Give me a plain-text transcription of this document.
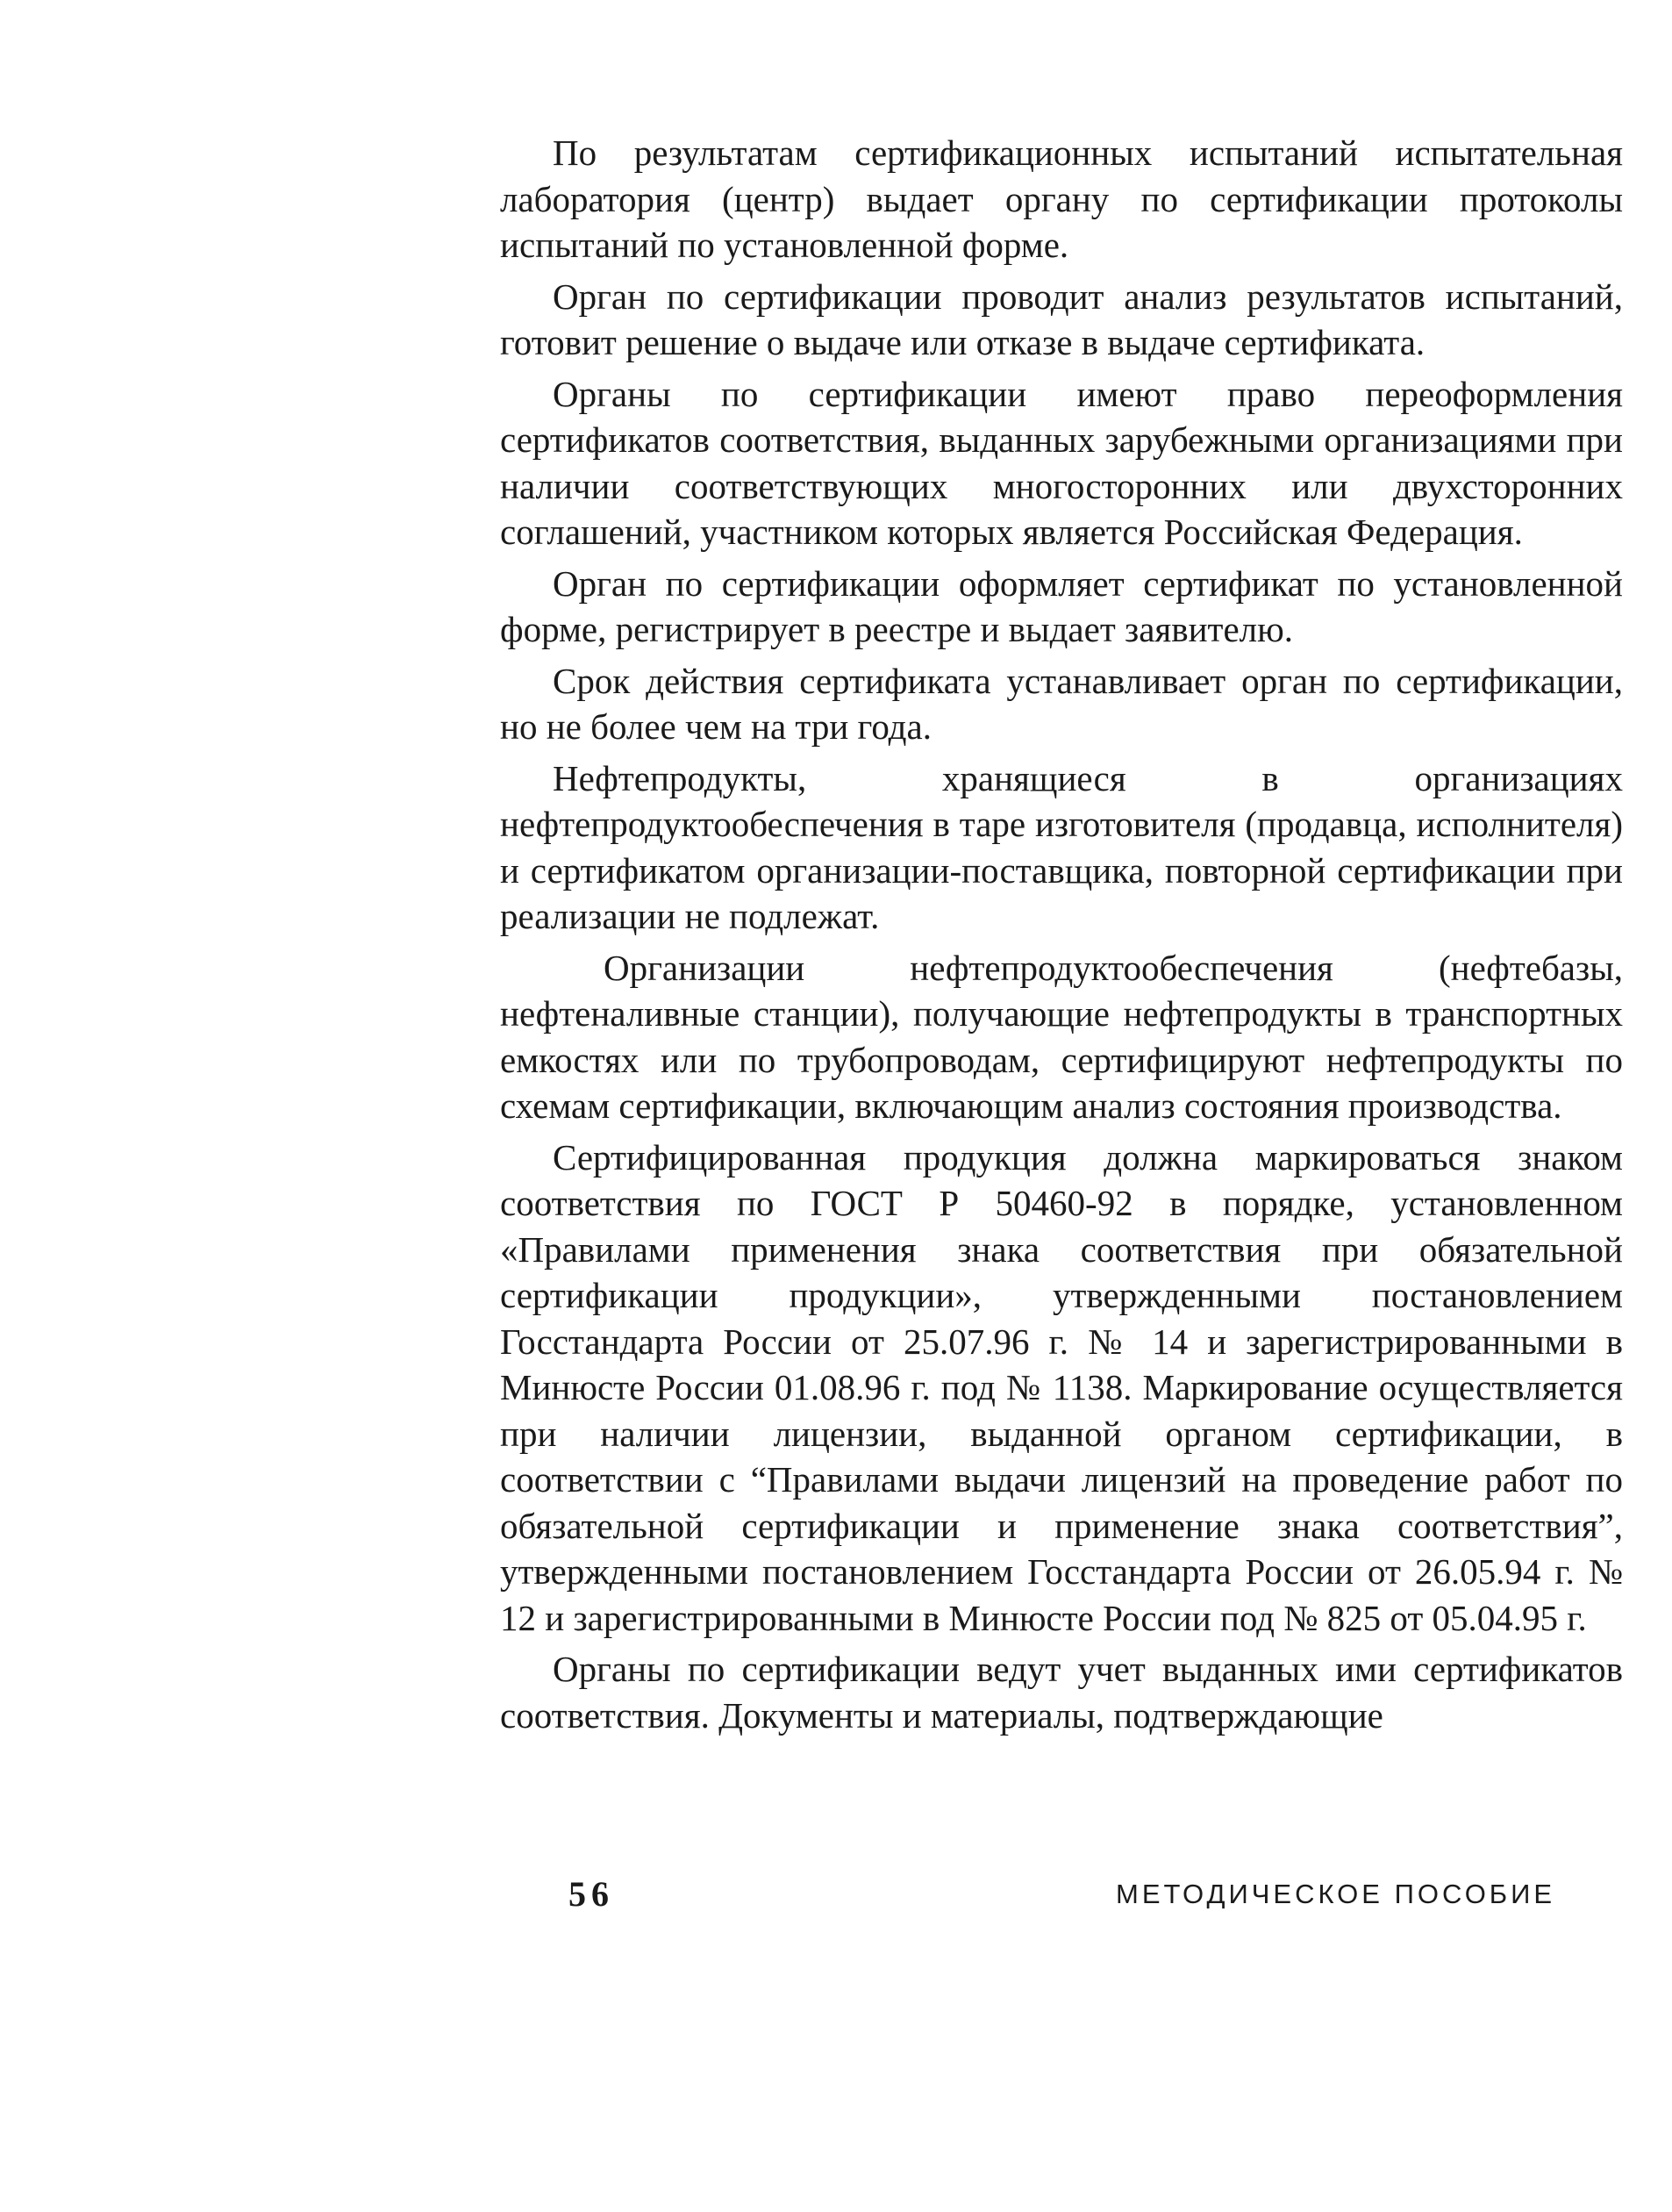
По результатам сертификационных испытаний испытательная лаборатория (центр) выдает органу по сертификации протоколы испытаний по установленной форме.

Орган по сертификации проводит анализ результатов испытаний, готовит решение о выдаче или отказе в выдаче сертификата.

Органы по сертификации имеют право переоформления сертификатов соответствия, выданных зарубежными организациями при наличии соответствующих многосторонних или двухсторонних соглашений, участником которых является Российская Федерация.

Орган по сертификации оформляет сертификат по установленной форме, регистрирует в реестре и выдает заявителю.

Срок действия сертификата устанавливает орган по сертификации, но не более чем на три года.

Нефтепродукты, хранящиеся в организациях нефтепродуктообеспечения в таре изготовителя (продавца, исполнителя) и сертификатом организации-поставщика, повторной сертификации при реализации не подлежат.

Организации нефтепродуктообеспечения (нефтебазы, нефтеналивные станции), получающие нефтепродукты в транспортных емкостях или по трубопроводам, сертифицируют нефтепродукты по схемам сертификации, включающим анализ состояния производства.

Сертифицированная продукция должна маркироваться знаком соответствия по ГОСТ Р 50460-92 в порядке, установленном «Правилами применения знака соответствия при обязательной сертификации продукции», утвержденными постановлением Госстандарта России от 25.07.96 г. № 14 и зарегистрированными в Минюсте России 01.08.96 г. под № 1138. Маркирование осуществляется при наличии лицензии, выданной органом сертификации, в соответствии с “Правилами выдачи лицензий на проведение работ по обязательной сертификации и применение знака соответствия”, утвержденными постановлением Госстандарта России от 26.05.94 г. № 12 и зарегистрированными в Минюсте России под № 825 от 05.04.95 г.

Органы по сертификации ведут учет выданных ими сертификатов соответствия. Документы и материалы, подтверждающие

56	МЕТОДИЧЕСКОЕ ПОСОБИЕ
